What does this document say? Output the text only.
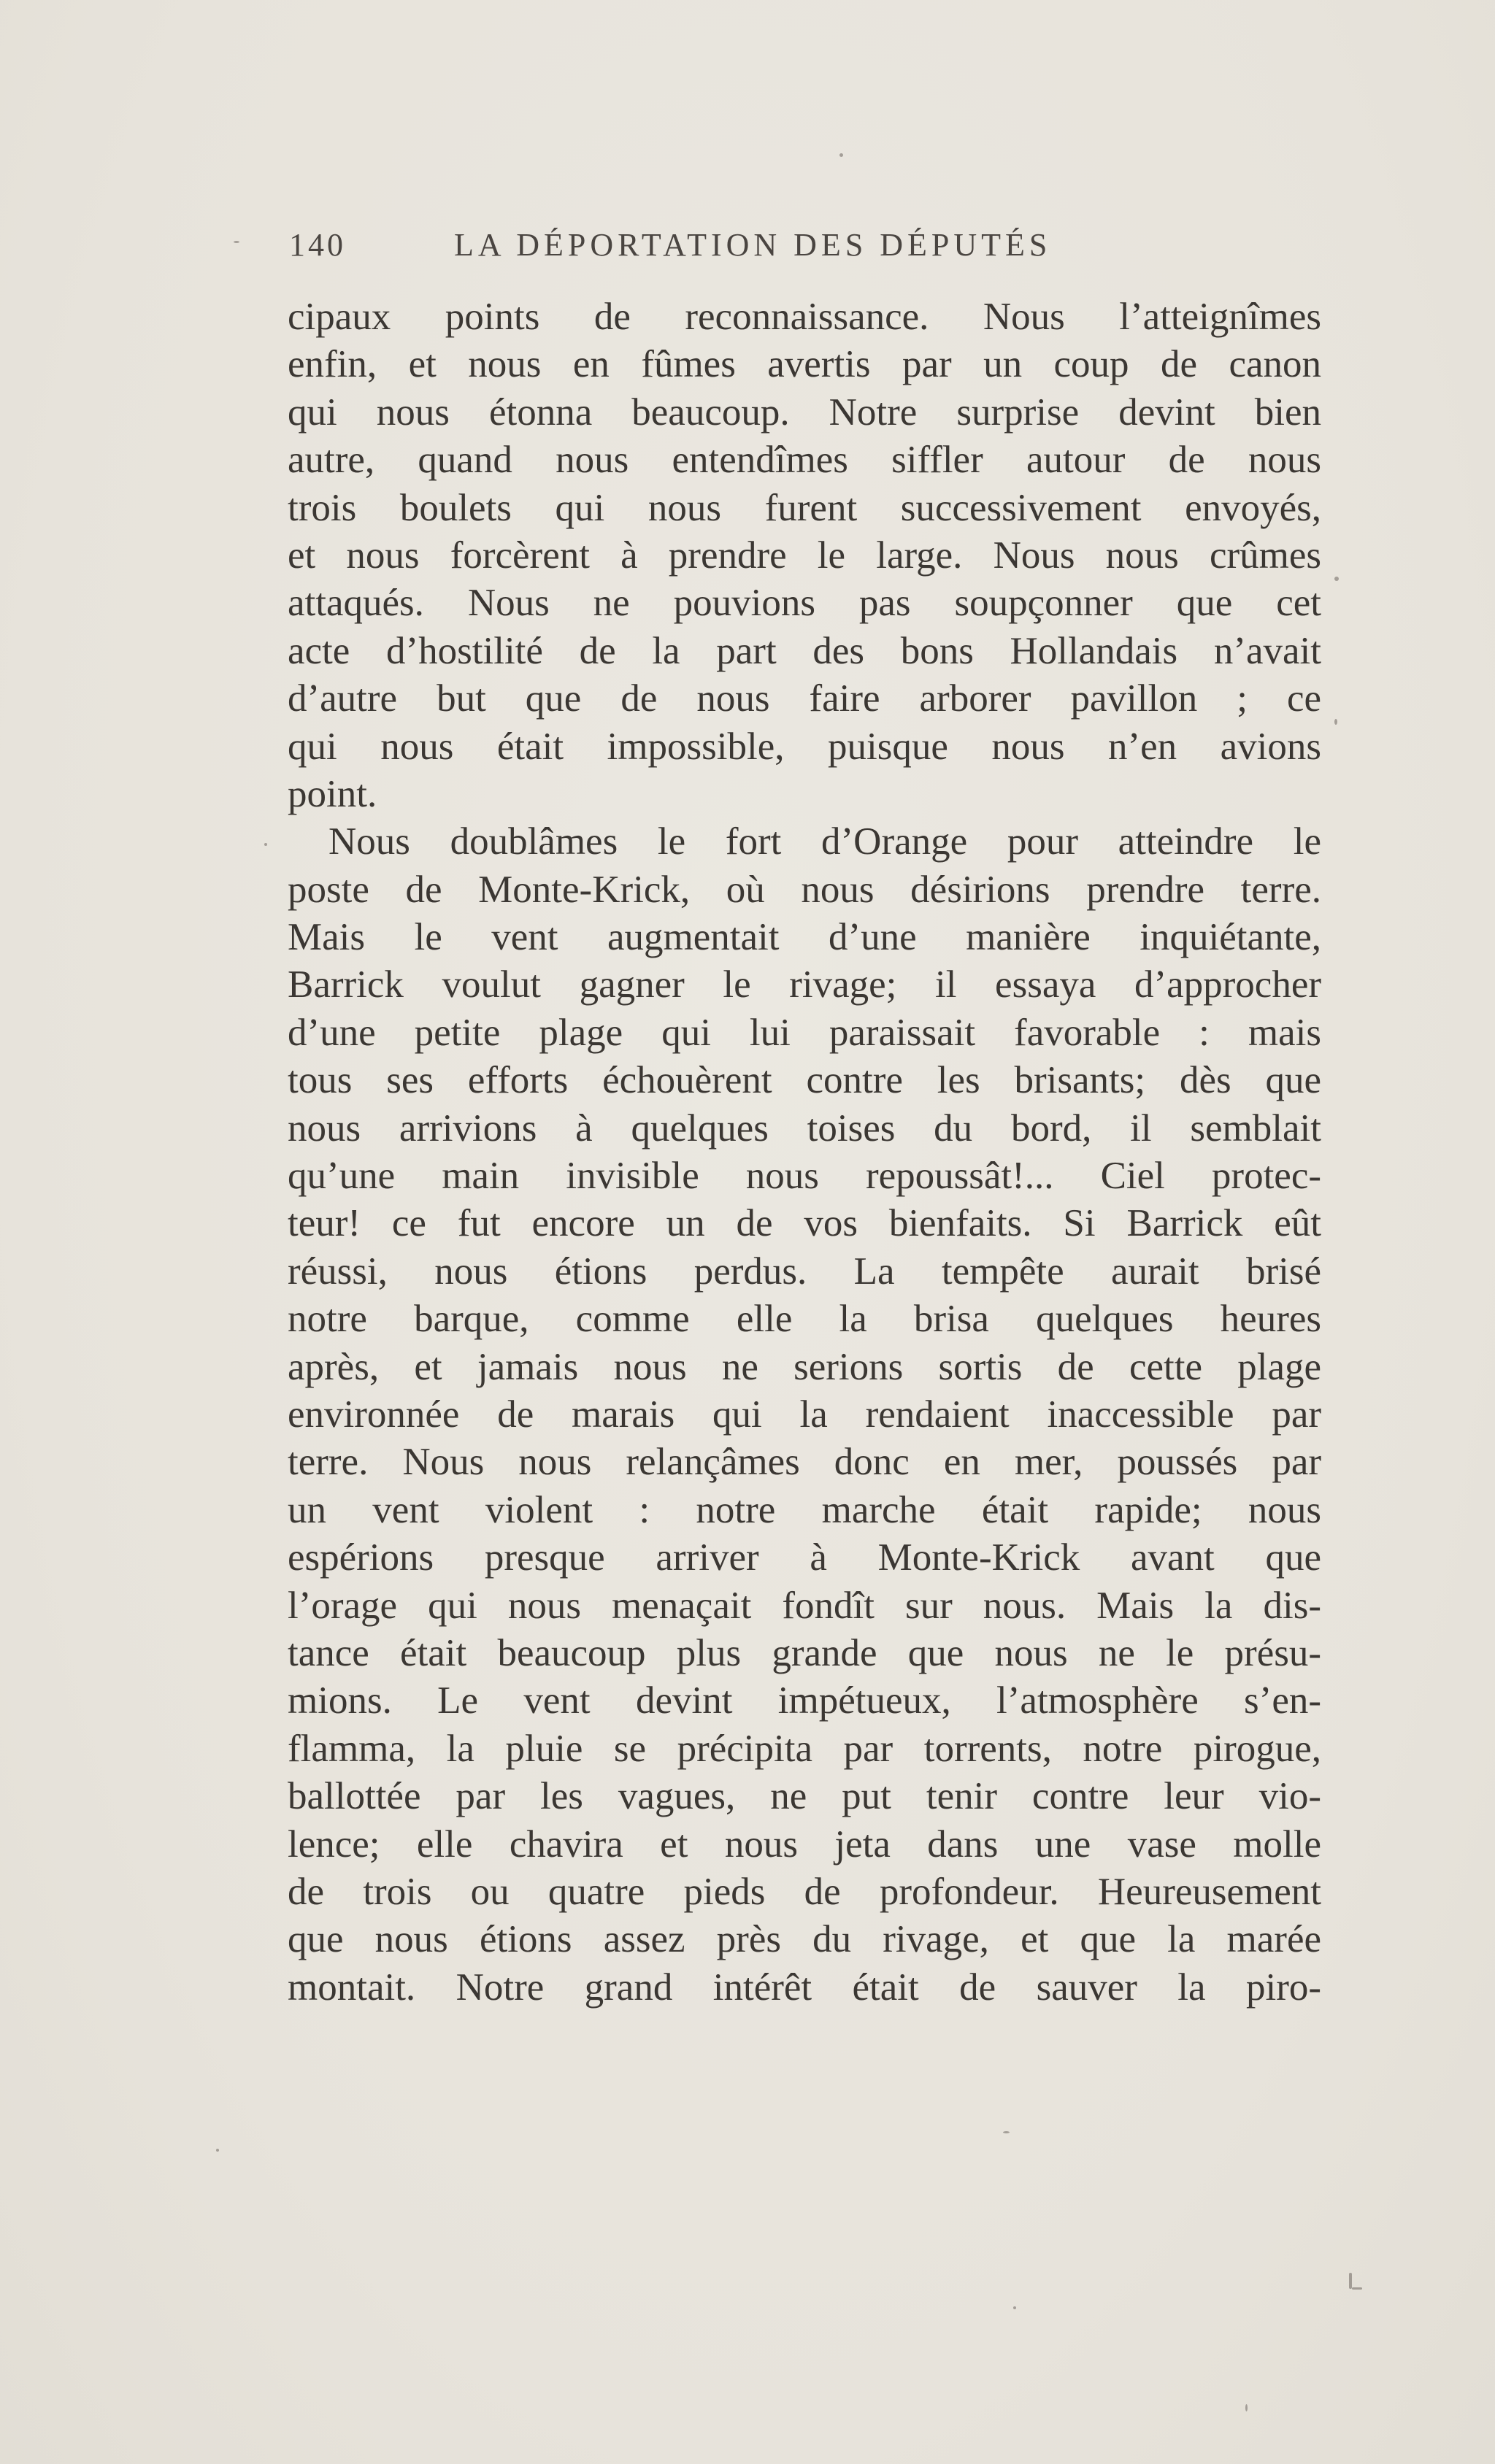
140	LA DÉPORTATION DES DÉPUTÉS
cipaux points de reconnaissance. Nous l’atteignîmes
enfin, et nous en fûmes avertis par un coup de canon
qui nous étonna beaucoup. Notre surprise devint bien
autre, quand nous entendîmes siffler autour de nous
trois boulets qui nous furent successivement envoyés,
et nous forcèrent à prendre le large. Nous nous crûmes
attaqués. Nous ne pouvions pas soupçonner que cet
acte d’hostilité de la part des bons Hollandais n’avait
d’autre but que de nous faire arborer pavillon ; ce
qui nous était impossible, puisque nous n’en avions
point.
Nous doublâmes le fort d’Orange pour atteindre le
poste de Monte-Krick, où nous désirions prendre terre.
Mais le vent augmentait d’une manière inquiétante,
Barrick voulut gagner le rivage; il essaya d’approcher
d’une petite plage qui lui paraissait favorable : mais
tous ses efforts échouèrent contre les brisants; dès que
nous arrivions à quelques toises du bord, il semblait
qu’une main invisible nous repoussât!... Ciel protec-
teur! ce fut encore un de vos bienfaits. Si Barrick eût
réussi, nous étions perdus. La tempête aurait brisé
notre barque, comme elle la brisa quelques heures
après, et jamais nous ne serions sortis de cette plage
environnée de marais qui la rendaient inaccessible par
terre. Nous nous relançâmes donc en mer, poussés par
un vent violent : notre marche était rapide; nous
espérions presque arriver à Monte-Krick avant que
l’orage qui nous menaçait fondît sur nous. Mais la dis-
tance était beaucoup plus grande que nous ne le présu-
mions. Le vent devint impétueux, l’atmosphère s’en-
flamma, la pluie se précipita par torrents, notre pirogue,
ballottée par les vagues, ne put tenir contre leur vio-
lence; elle chavira et nous jeta dans une vase molle
de trois ou quatre pieds de profondeur. Heureusement
que nous étions assez près du rivage, et que la marée
montait. Notre grand intérêt était de sauver la piro-
